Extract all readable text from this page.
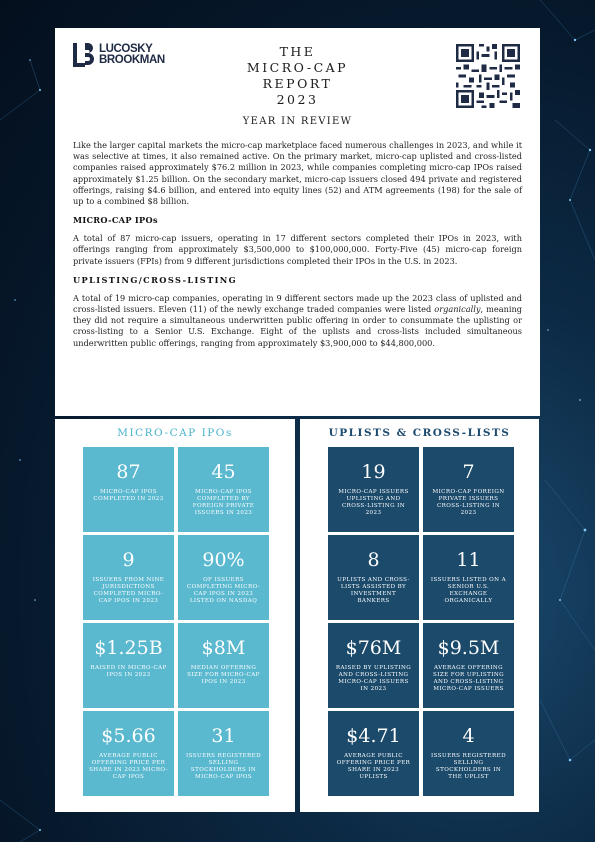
LUCOSKY
BROOKMAN
THE
MICRO-CAP
REPORT
2023
YEAR IN REVIEW

Like the larger capital markets the micro-cap marketplace faced numerous challenges in 2023, and while it was selective at times, it also remained active. On the primary market, micro-cap uplisted and cross-listed companies raised approximately $76.2 million in 2023, while companies completing micro-cap IPOs raised approximately $1.25 billion. On the secondary market, micro-cap issuers closed 494 private and registered offerings, raising $4.6 billion, and entered into equity lines (52) and ATM agreements (198) for the sale of up to a combined $8 billion.

MICRO-CAP IPOs

A total of 87 micro-cap issuers, operating in 17 different sectors completed their IPOs in 2023, with offerings ranging from approximately $3,500,000 to $100,000,000. Forty-Five (45) micro-cap foreign private issuers (FPIs) from 9 different jurisdictions completed their IPOs in the U.S. in 2023.

UPLISTING/CROSS-LISTING

A total of 19 micro-cap companies, operating in 9 different sectors made up the 2023 class of uplisted and cross-listed issuers. Eleven (11) of the newly exchange traded companies were listed organically, meaning they did not require a simultaneous underwritten public offering in order to consummate the uplisting or cross-listing to a Senior U.S. Exchange. Eight of the uplists and cross-lists included simultaneous underwritten public offerings, ranging from approximately $3,900,000 to $44,800,000.

MICRO-CAP IPOs
87
MICRO-CAP IPOS COMPLETED IN 2023
45
MICRO-CAP IPOS COMPLETED BY FOREIGN PRIVATE ISSUERS IN 2023
9
ISSUERS FROM NINE JURISDICTIONS COMPLETED MICRO-CAP IPOS IN 2023
90%
OF ISSUERS COMPLETING MICRO-CAP IPOS IN 2023 LISTED ON NASDAQ
$1.25B
RAISED IN MICRO-CAP IPOS IN 2023
$8M
MEDIAN OFFERING SIZE FOR MICRO-CAP IPOS IN 2023
$5.66
AVERAGE PUBLIC OFFERING PRICE PER SHARE IN 2023 MICRO-CAP IPOS
31
ISSUERS REGISTERED SELLING STOCKHOLDERS IN MICRO-CAP IPOS
UPLISTS & CROSS-LISTS
19
MICRO-CAP ISSUERS UPLISTING AND CROSS-LISTING IN 2023
7
MICRO-CAP FOREIGN PRIVATE ISSUERS CROSS-LISTING IN 2023
8
UPLISTS AND CROSS-LISTS ASSISTED BY INVESTMENT BANKERS
11
ISSUERS LISTED ON A SENIOR U.S. EXCHANGE ORGANICALLY
$76M
RAISED BY UPLISTING AND CROSS-LISTING MICRO-CAP ISSUERS IN 2023
$9.5M
AVERAGE OFFERING SIZE FOR UPLISTING AND CROSS-LISTING MICRO-CAP ISSUERS
$4.71
AVERAGE PUBLIC OFFERING PRICE PER SHARE IN 2023 UPLISTS
4
ISSUERS REGISTERED SELLING STOCKHOLDERS IN THE UPLIST
